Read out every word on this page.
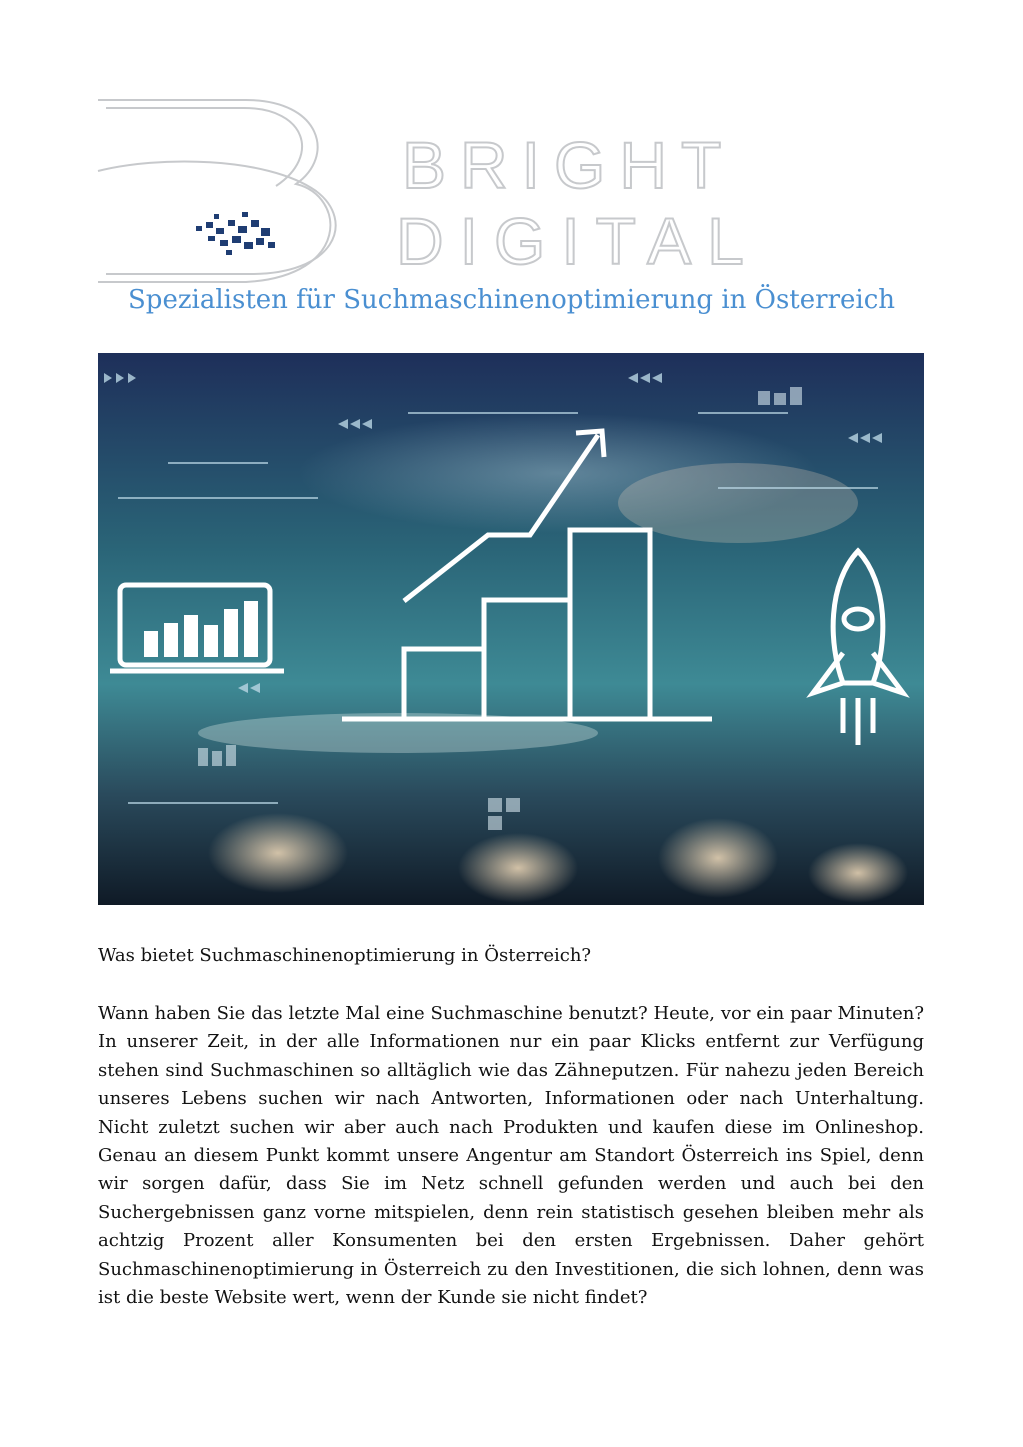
BRIGHT
DIGITAL
Spezialisten für Suchmaschinenoptimierung in Österreich
Was bietet Suchmaschinenoptimierung in Österreich?
Wann haben Sie das letzte Mal eine Suchmaschine benutzt? Heute, vor ein paar Minuten? In unserer Zeit, in der alle Informationen nur ein paar Klicks entfernt zur Verfügung stehen sind Suchmaschinen so alltäglich wie das Zähneputzen. Für nahezu jeden Bereich unseres Lebens suchen wir nach Antworten, Informationen oder nach Unterhaltung. Nicht zuletzt suchen wir aber auch nach Produkten und kaufen diese im Onlineshop. Genau an diesem Punkt kommt unsere Angentur am Standort Österreich ins Spiel, denn wir sorgen dafür, dass Sie im Netz schnell gefunden werden und auch bei den Suchergebnissen ganz vorne mitspielen, denn rein statistisch gesehen bleiben mehr als achtzig Prozent aller Konsumenten bei den ersten Ergebnissen. Daher gehört Suchmaschinenoptimierung in Österreich zu den Investitionen, die sich lohnen, denn was ist die beste Website wert, wenn der Kunde sie nicht findet?
